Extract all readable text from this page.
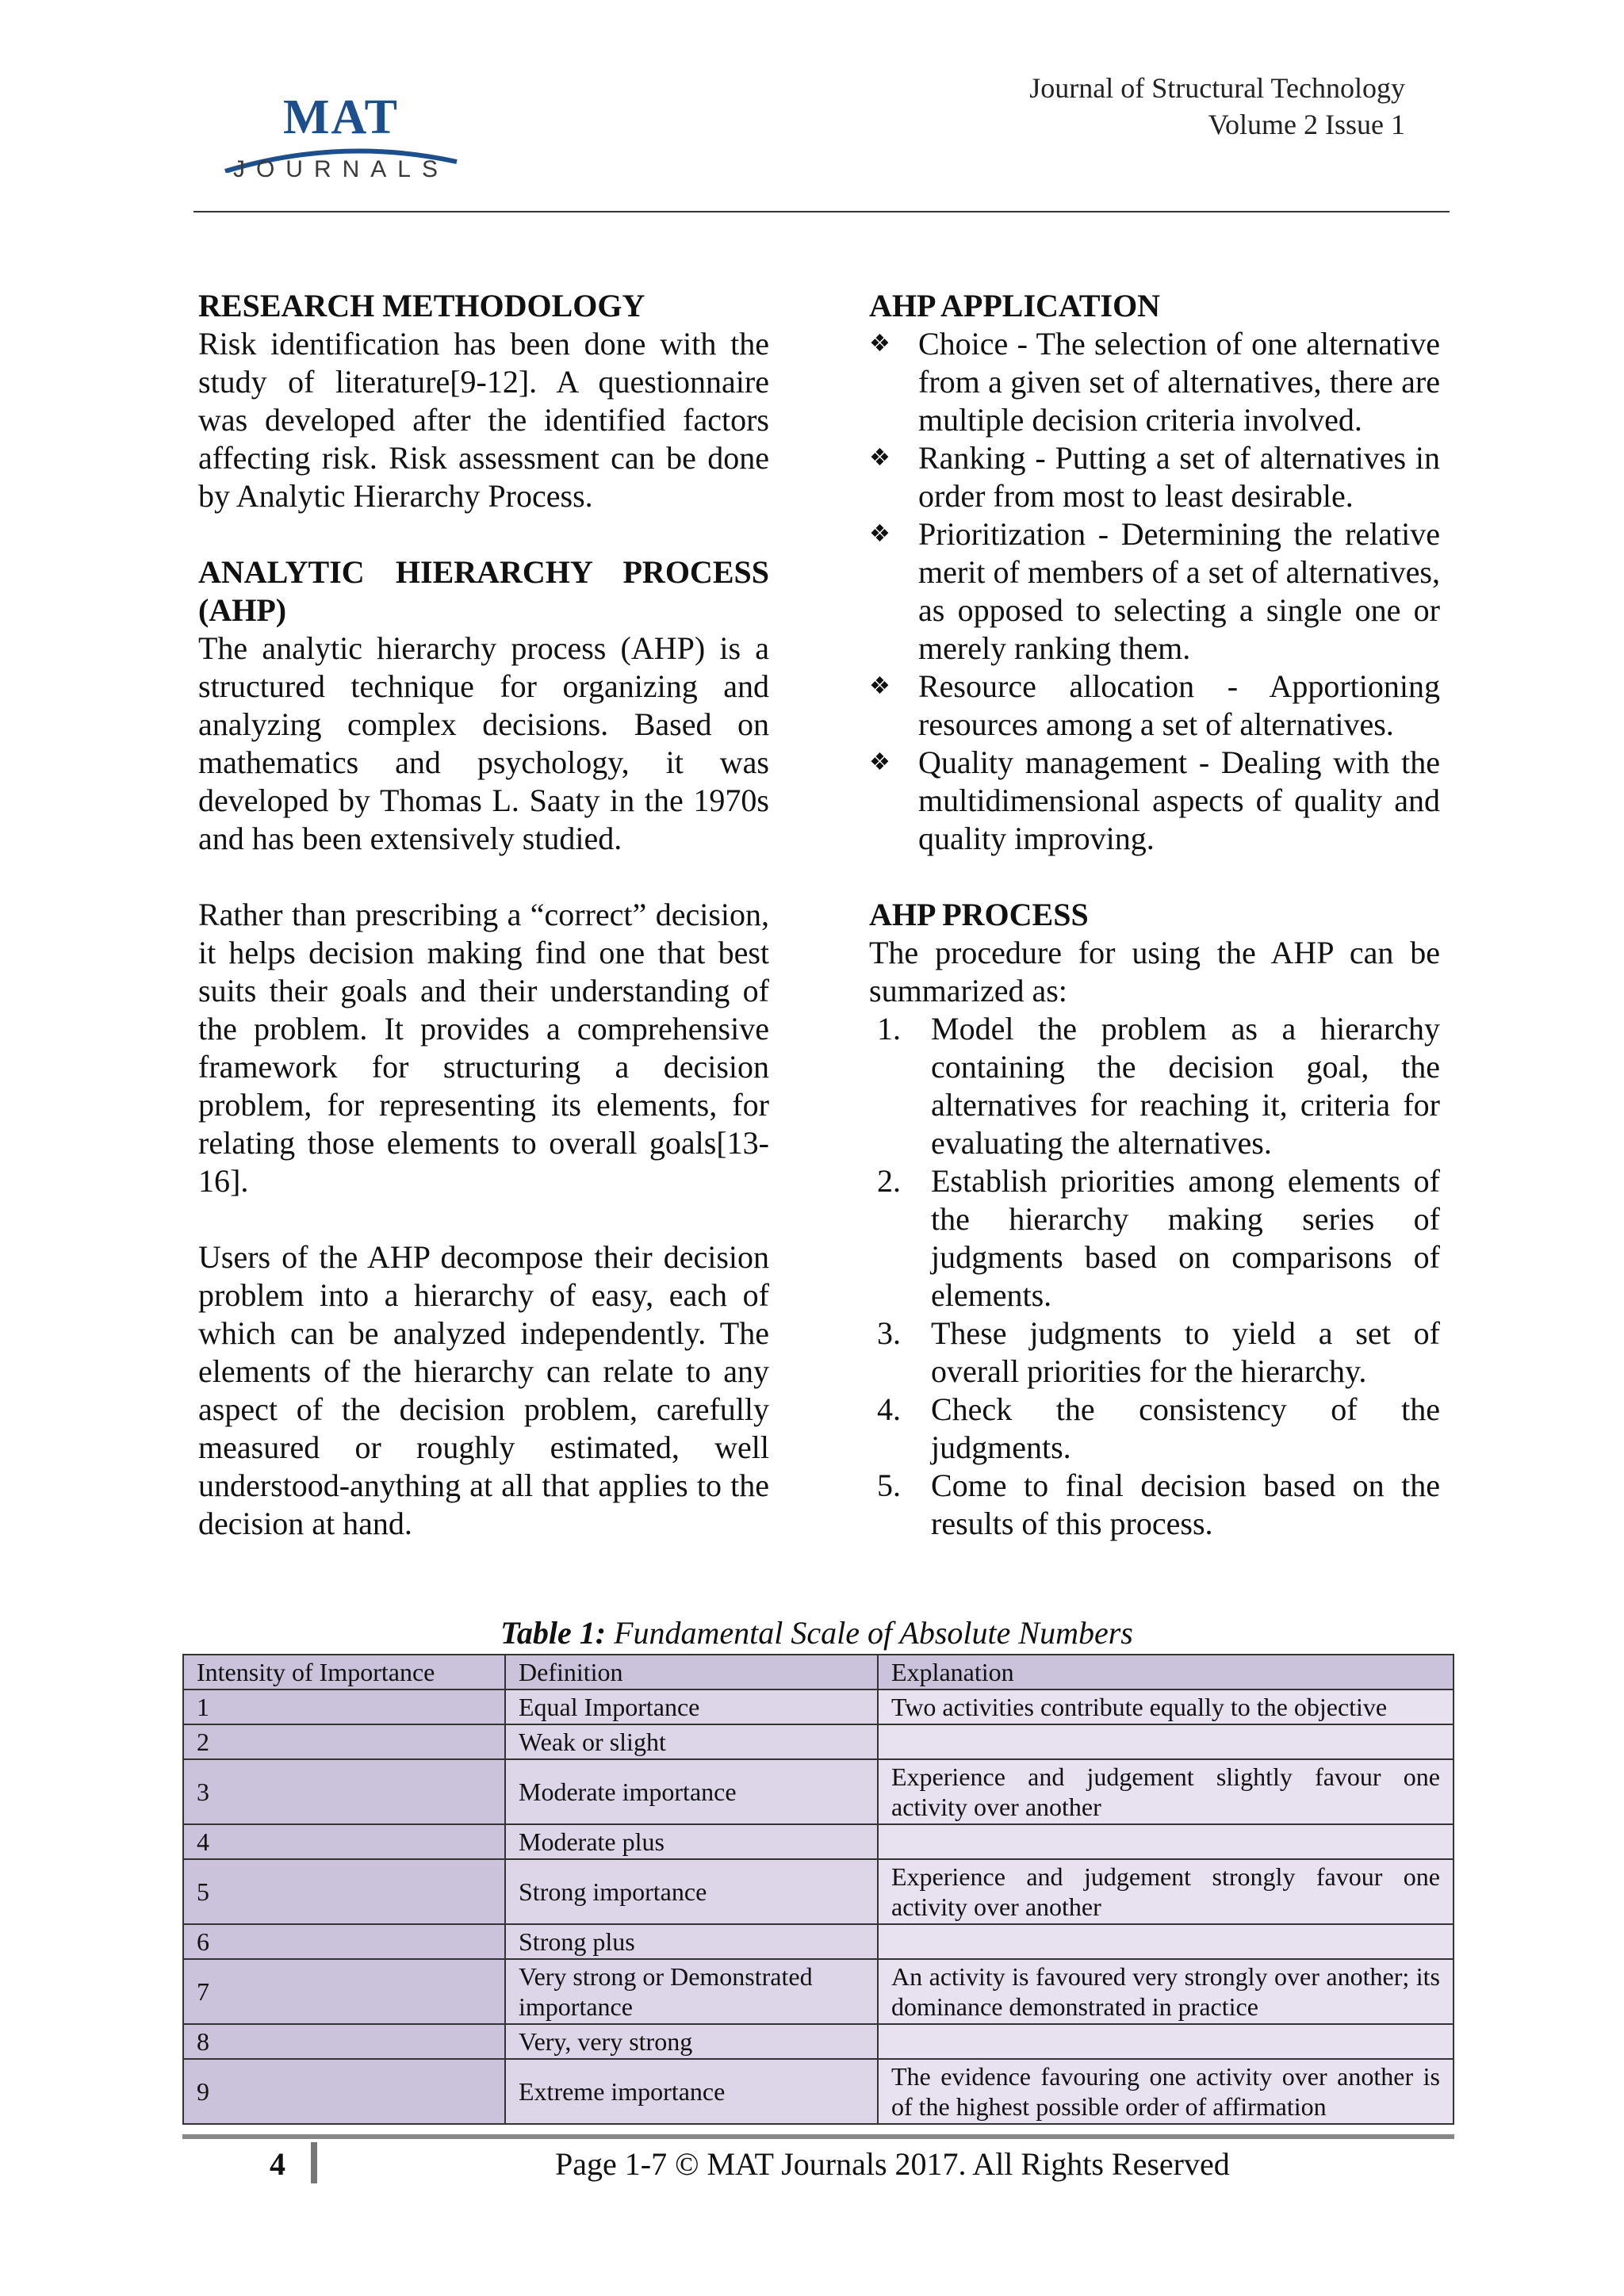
MAT
JOURNALS
Journal of Structural Technology
Volume 2 Issue 1

RESEARCH METHODOLOGY

Risk identification has been done with the study of literature[9-12]. A questionnaire was developed after the identified factors affecting risk. Risk assessment can be done by Analytic Hierarchy Process.

ANALYTIC HIERARCHY PROCESS (AHP)

The analytic hierarchy process (AHP) is a structured technique for organizing and analyzing complex decisions. Based on mathematics and psychology, it was developed by Thomas L. Saaty in the 1970s and has been extensively studied.

Rather than prescribing a “correct” decision, it helps decision making find one that best suits their goals and their understanding of the problem. It provides a comprehensive framework for structuring a decision problem, for representing its elements, for relating those elements to overall goals[13-16].

Users of the AHP decompose their decision problem into a hierarchy of easy, each of which can be analyzed independently. The elements of the hierarchy can relate to any aspect of the decision problem, carefully measured or roughly estimated, well understood-anything at all that applies to the decision at hand.

AHP APPLICATION

❖ Choice - The selection of one alternative from a given set of alternatives, there are multiple decision criteria involved.
❖ Ranking - Putting a set of alternatives in order from most to least desirable.
❖ Prioritization - Determining the relative merit of members of a set of alternatives, as opposed to selecting a single one or merely ranking them.
❖ Resource allocation - Apportioning resources among a set of alternatives.
❖ Quality management - Dealing with the multidimensional aspects of quality and quality improving.

AHP PROCESS

The procedure for using the AHP can be summarized as:

1. Model the problem as a hierarchy containing the decision goal, the alternatives for reaching it, criteria for evaluating the alternatives.
2. Establish priorities among elements of the hierarchy making series of judgments based on comparisons of elements.
3. These judgments to yield a set of overall priorities for the hierarchy.
4. Check the consistency of the judgments.
5. Come to final decision based on the results of this process.
Table 1: Fundamental Scale of Absolute Numbers
Intensity of Importance	Definition	Explanation
1	Equal Importance	Two activities contribute equally to the objective
2	Weak or slight	
3	Moderate importance	Experience and judgement slightly favour one activity over another
4	Moderate plus	
5	Strong importance	Experience and judgement strongly favour one activity over another
6	Strong plus	
7	Very strong or Demonstrated importance	An activity is favoured very strongly over another; its dominance demonstrated in practice
8	Very, very strong	
9	Extreme importance	The evidence favouring one activity over another is of the highest possible order of affirmation
4	Page 1-7 © MAT Journals 2017. All Rights Reserved
